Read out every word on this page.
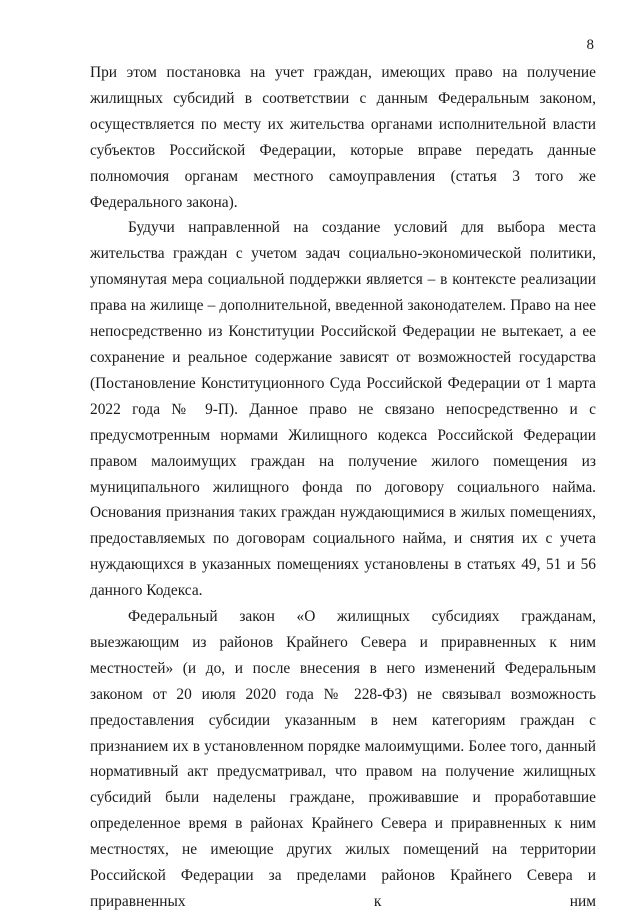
8

При этом постановка на учет граждан, имеющих право на получение жилищных субсидий в соответствии с данным Федеральным законом, осуществляется по месту их жительства органами исполнительной власти субъектов Российской Федерации, которые вправе передать данные полномочия органам местного самоуправления (статья 3 того же Федерального закона).

Будучи направленной на создание условий для выбора места жительства граждан с учетом задач социально-экономической политики, упомянутая мера социальной поддержки является – в контексте реализации права на жилище – дополнительной, введенной законодателем. Право на нее непосредственно из Конституции Российской Федерации не вытекает, а ее сохранение и реальное содержание зависят от возможностей государства (Постановление Конституционного Суда Российской Федерации от 1 марта 2022 года № 9-П). Данное право не связано непосредственно и с предусмотренным нормами Жилищного кодекса Российской Федерации правом малоимущих граждан на получение жилого помещения из муниципального жилищного фонда по договору социального найма. Основания признания таких граждан нуждающимися в жилых помещениях, предоставляемых по договорам социального найма, и снятия их с учета нуждающихся в указанных помещениях установлены в статьях 49, 51 и 56 данного Кодекса.

Федеральный закон «О жилищных субсидиях гражданам, выезжающим из районов Крайнего Севера и приравненных к ним местностей» (и до, и после внесения в него изменений Федеральным законом от 20 июля 2020 года № 228-ФЗ) не связывал возможность предоставления субсидии указанным в нем категориям граждан с признанием их в установленном порядке малоимущими. Более того, данный нормативный акт предусматривал, что правом на получение жилищных субсидий были наделены граждане, проживавшие и проработавшие определенное время в районах Крайнего Севера и приравненных к ним местностях, не имеющие других жилых помещений на территории Российской Федерации за пределами районов Крайнего Севера и приравненных к ним
